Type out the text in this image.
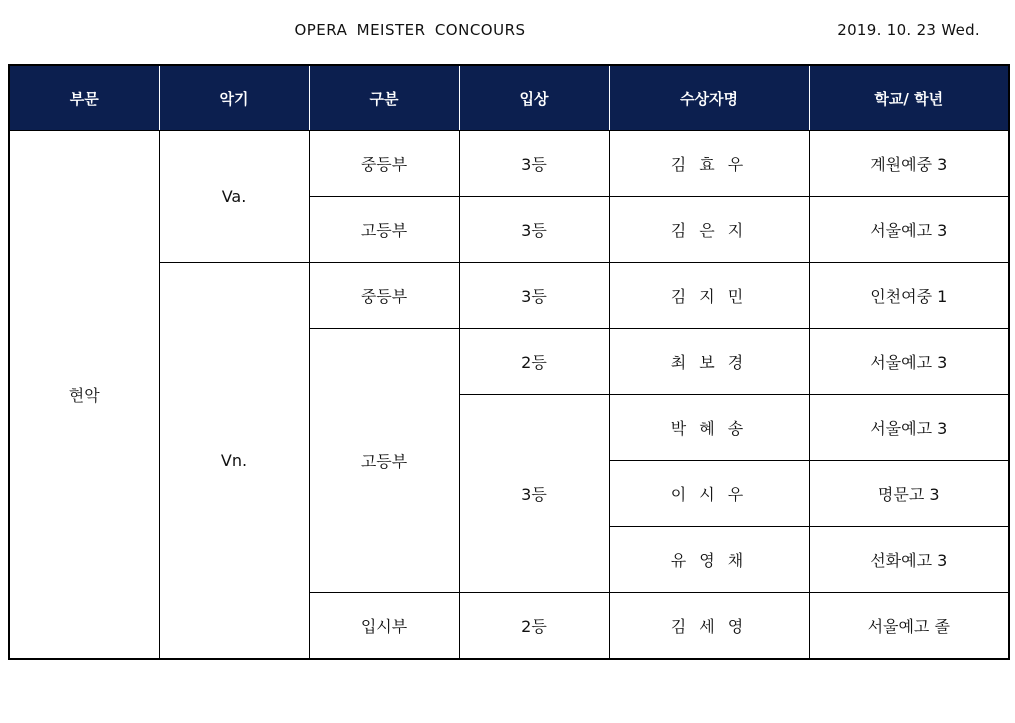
OPERA MEISTER CONCOURS	2019. 10. 23 Wed.
부문	악기	구분	입상	수상자명	학교/ 학년
현악	Va.	중등부	3등	김 효 우	계원예중 3
		고등부	3등	김 은 지	서울예고 3
	Vn.	중등부	3등	김 지 민	인천여중 1
		고등부	2등	최 보 경	서울예고 3
			3등	박 혜 송	서울예고 3
				이 시 우	명문고 3
				유 영 채	선화예고 3
		입시부	2등	김 세 영	서울예고 졸
